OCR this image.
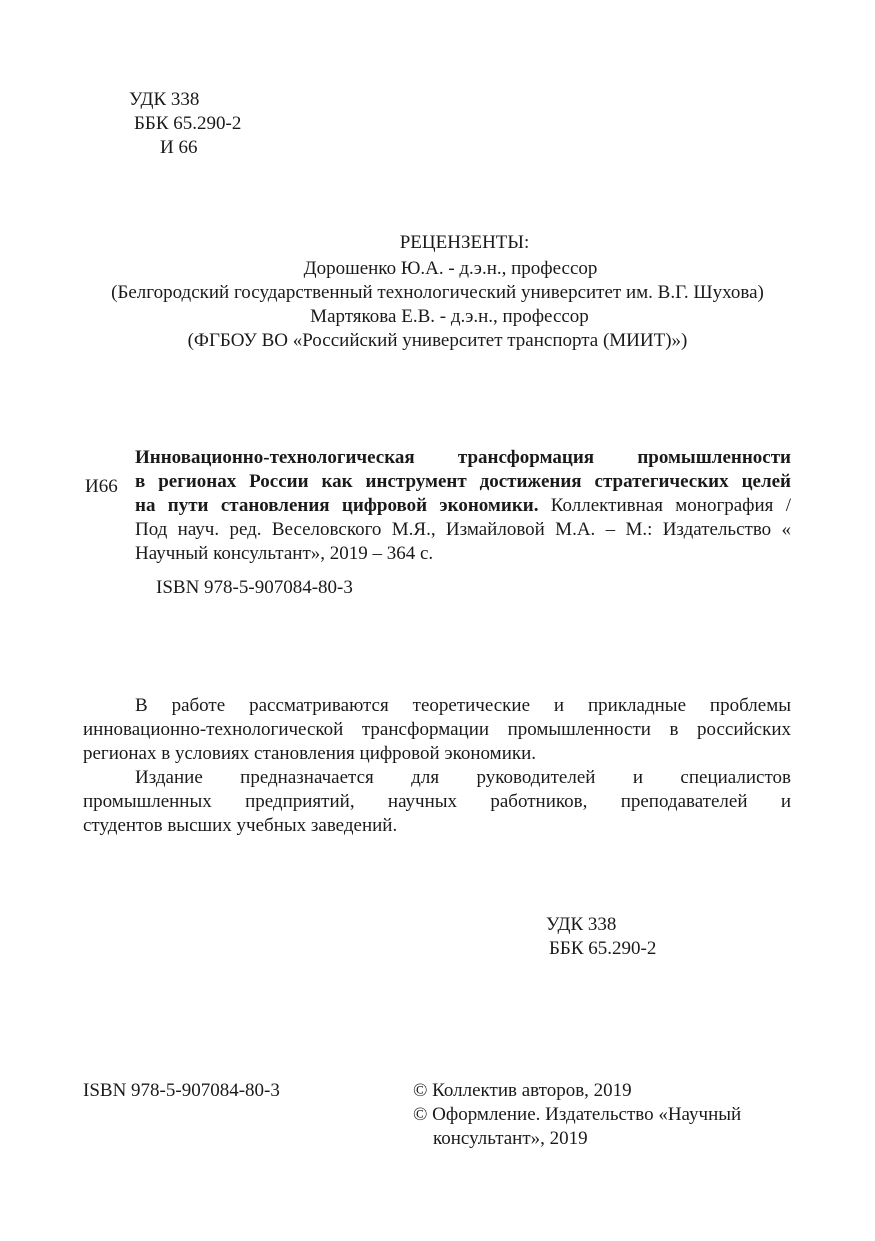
УДК 338
ББК 65.290-2
И 66
РЕЦЕНЗЕНТЫ:
Дорошенко Ю.А. - д.э.н., профессор
(Белгородский государственный технологический университет им. В.Г. Шухова)
Мартякова Е.В. - д.э.н., профессор
(ФГБОУ ВО «Российский университет транспорта (МИИТ)»)
И66
Инновационно-технологическая трансформация промышленности
в регионах России как инструмент достижения стратегических целей
на пути становления цифровой экономики. Коллективная монография /
Под науч. ред. Веселовского М.Я., Измайловой М.А. – М.: Издательство «
Научный консультант», 2019 – 364 с.
ISBN 978-5-907084-80-3
В работе рассматриваются теоретические и прикладные проблемы
инновационно-технологической трансформации промышленности в российских
регионах в условиях становления цифровой экономики.
Издание предназначается для руководителей и специалистов
промышленных предприятий, научных работников, преподавателей и
студентов высших учебных заведений.
УДК 338
ББК 65.290-2
ISBN 978-5-907084-80-3	© Коллектив авторов, 2019
© Оформление. Издательство «Научный
консультант», 2019
